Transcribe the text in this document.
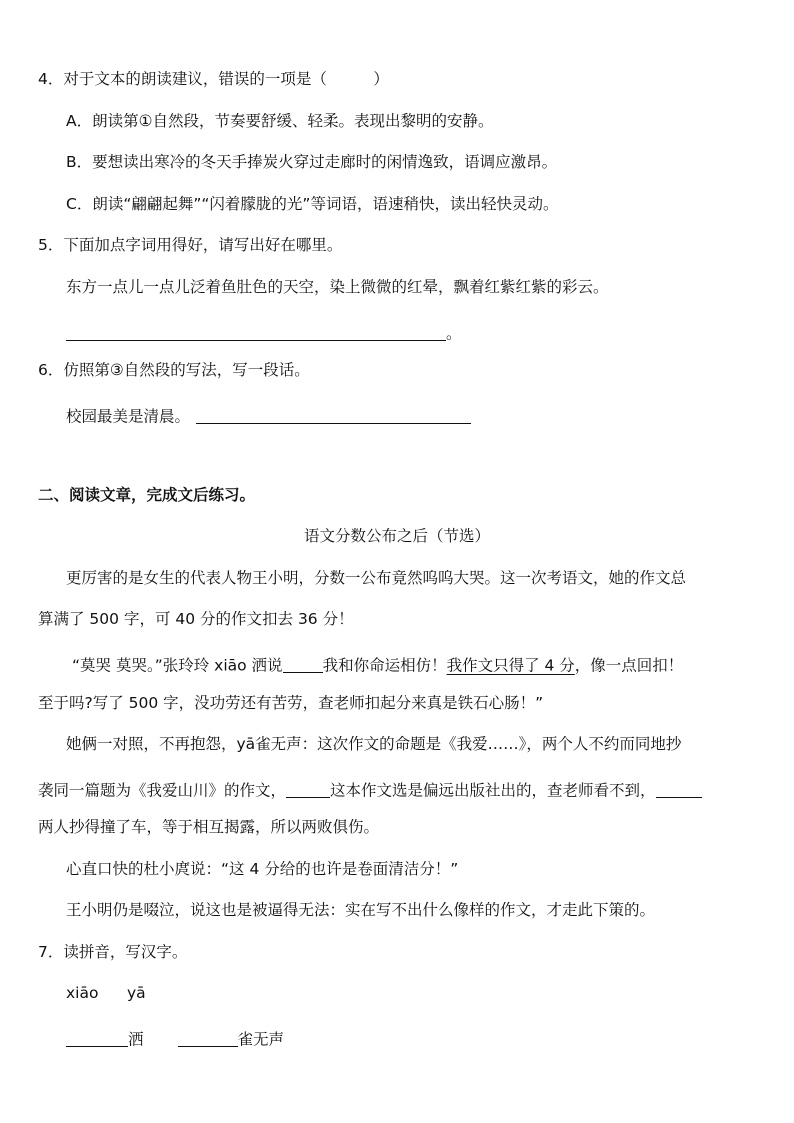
4．对于文本的朗读建议，错误的一项是（　　　）
A．朗读第①自然段，节奏要舒缓、轻柔。表现出黎明的安静。
B．要想读出寒冷的冬天手捧炭火穿过走廊时的闲情逸致，语调应激昂。
C．朗读“翩翩起舞”“闪着朦胧的光”等词语，语速稍快，读出轻快灵动。
5．下面加点字词用得好，请写出好在哪里。
东方一点儿一点儿泛着鱼肚色的天空，染上微微的红晕，飘着红紫红紫的彩云。
。
6．仿照第③自然段的写法，写一段话。
校园最美是清晨。
二、阅读文章，完成文后练习。
语文分数公布之后（节选）
更厉害的是女生的代表人物王小明，分数一公布竟然呜呜大哭。这一次考语文，她的作文总
算满了 500 字，可 40 分的作文扣去 36 分！
“莫哭 莫哭。”张玲玲 xiāo 洒说	我和你命运相仿！我作文只得了 4 分，像一点回扣！
至于吗?写了 500 字，没功劳还有苦劳，查老师扣起分来真是铁石心肠！”
她俩一对照，不再抱怨，yā雀无声：这次作文的命题是《我爱……》，两个人不约而同地抄
袭同一篇题为《我爱山川》的作文，	这本作文选是偏远出版社出的，查老师看不到，
两人抄得撞了车，等于相互揭露，所以两败俱伤。
心直口快的杜小庹说：“这 4 分给的也许是卷面清洁分！”
王小明仍是啜泣，说这也是被逼得无法：实在写不出什么像样的作文，才走此下策的。
7．读拼音，写汉字。
xiāo yā
洒	雀无声
